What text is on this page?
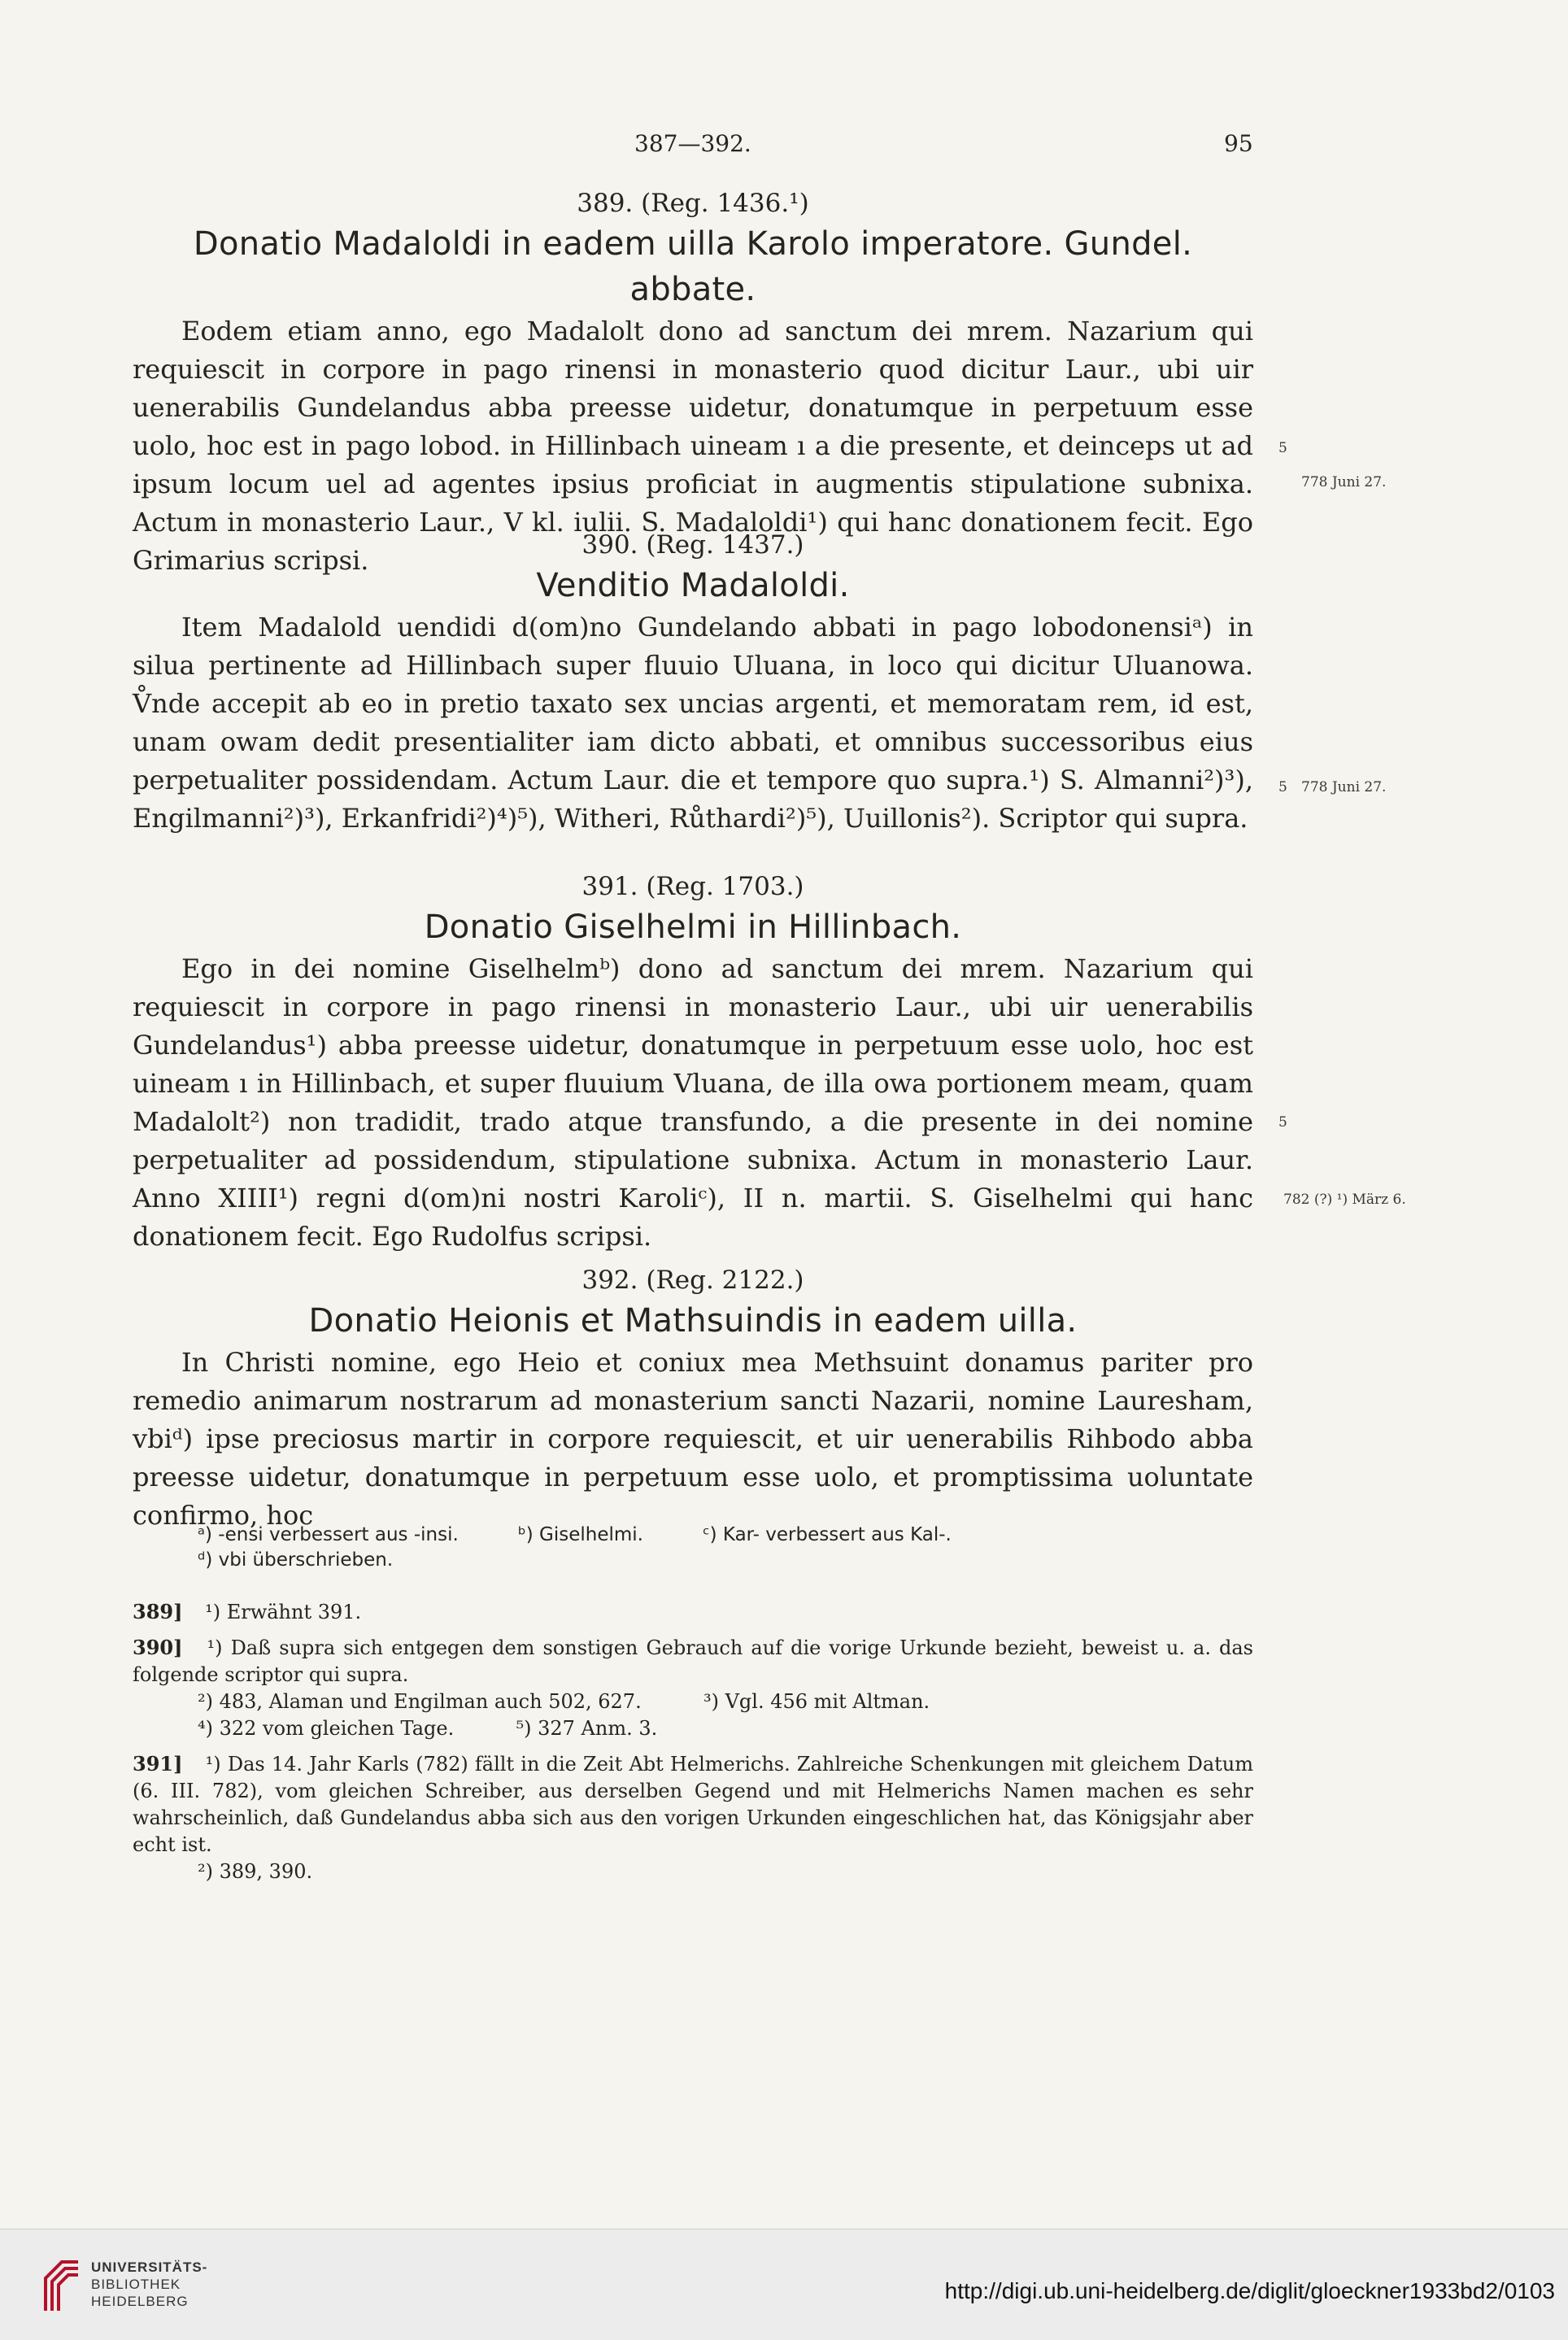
387—392.	95
389. (Reg. 1436.¹)
Donatio Madaloldi in eadem uilla Karolo imperatore. Gundel. abbate.

Eodem etiam anno, ego Madalolt dono ad sanctum dei mrem. Nazarium qui requiescit in corpore in pago rinensi in monasterio quod dicitur Laur., ubi uir uenerabilis Gundelandus abba preesse uidetur, donatumque in perpetuum esse uolo, hoc est in pago lobod. in Hillinbach uineam ı a die presente, et deinceps ut ad ipsum locum uel ad agentes ipsius proficiat in augmentis stipulatione subnixa. Actum in monasterio Laur., V kl. iulii. S. Madaloldi¹) qui hanc donationem fecit. Ego Grimarius scripsi.

5
778 Juni 27.
390. (Reg. 1437.)
Venditio Madaloldi.

Item Madalold uendidi d(om)no Gundelando abbati in pago lobodonensiᵃ) in silua pertinente ad Hillinbach super fluuio Uluana, in loco qui dicitur Uluanowa. V̊nde accepit ab eo in pretio taxato sex uncias argenti, et memoratam rem, id est, unam owam dedit presentialiter iam dicto abbati, et omnibus successoribus eius perpetualiter possidendam. Actum Laur. die et tempore quo supra.¹) S. Almanni²)³), Engilmanni²)³), Erkanfridi²)⁴)⁵), Witheri, Růthardi²)⁵), Uuillonis²). Scriptor qui supra.

5 778 Juni 27.
391. (Reg. 1703.)
Donatio Giselhelmi in Hillinbach.

Ego in dei nomine Giselhelmᵇ) dono ad sanctum dei mrem. Nazarium qui requiescit in corpore in pago rinensi in monasterio Laur., ubi uir uenerabilis Gundelandus¹) abba preesse uidetur, donatumque in perpetuum esse uolo, hoc est uineam ı in Hillinbach, et super fluuium Vluana, de illa owa portionem meam, quam Madalolt²) non tradidit, trado atque transfundo, a die presente in dei nomine perpetualiter ad possidendum, stipulatione subnixa. Actum in monasterio Laur. Anno XIIII¹) regni d(om)ni nostri Karoliᶜ), II n. martii. S. Giselhelmi qui hanc donationem fecit. Ego Rudolfus scripsi.

5
782 (?) ¹) März 6.
392. (Reg. 2122.)
Donatio Heionis et Mathsuindis in eadem uilla.

In Christi nomine, ego Heio et coniux mea Methsuint donamus pariter pro remedio animarum nostrarum ad monasterium sancti Nazarii, nomine Lauresham, vbiᵈ) ipse preciosus martir in corpore requiescit, et uir uenerabilis Rihbodo abba preesse uidetur, donatumque in perpetuum esse uolo, et promptissima uoluntate confirmo, hoc

ᵃ) -ensi verbessert aus -insi.          ᵇ) Giselhelmi.          ᶜ) Kar- verbessert aus Kal-.

ᵈ) vbi überschrieben.

389] ¹) Erwähnt 391.
390] ¹) Daß supra sich entgegen dem sonstigen Gebrauch auf die vorige Urkunde bezieht, beweist u. a. das folgende scriptor qui supra.
²) 483, Alaman und Engilman auch 502, 627.          ³) Vgl. 456 mit Altman.
⁴) 322 vom gleichen Tage.          ⁵) 327 Anm. 3.
391] ¹) Das 14. Jahr Karls (782) fällt in die Zeit Abt Helmerichs. Zahlreiche Schenkungen mit gleichem Datum (6. III. 782), vom gleichen Schreiber, aus derselben Gegend und mit Helmerichs Namen machen es sehr wahrscheinlich, daß Gundelandus abba sich aus den vorigen Urkunden eingeschlichen hat, das Königsjahr aber echt ist.
²) 389, 390.
UNIVERSITÄTS-
BIBLIOTHEK
HEIDELBERG	http://digi.ub.uni-heidelberg.de/diglit/gloeckner1933bd2/0103
